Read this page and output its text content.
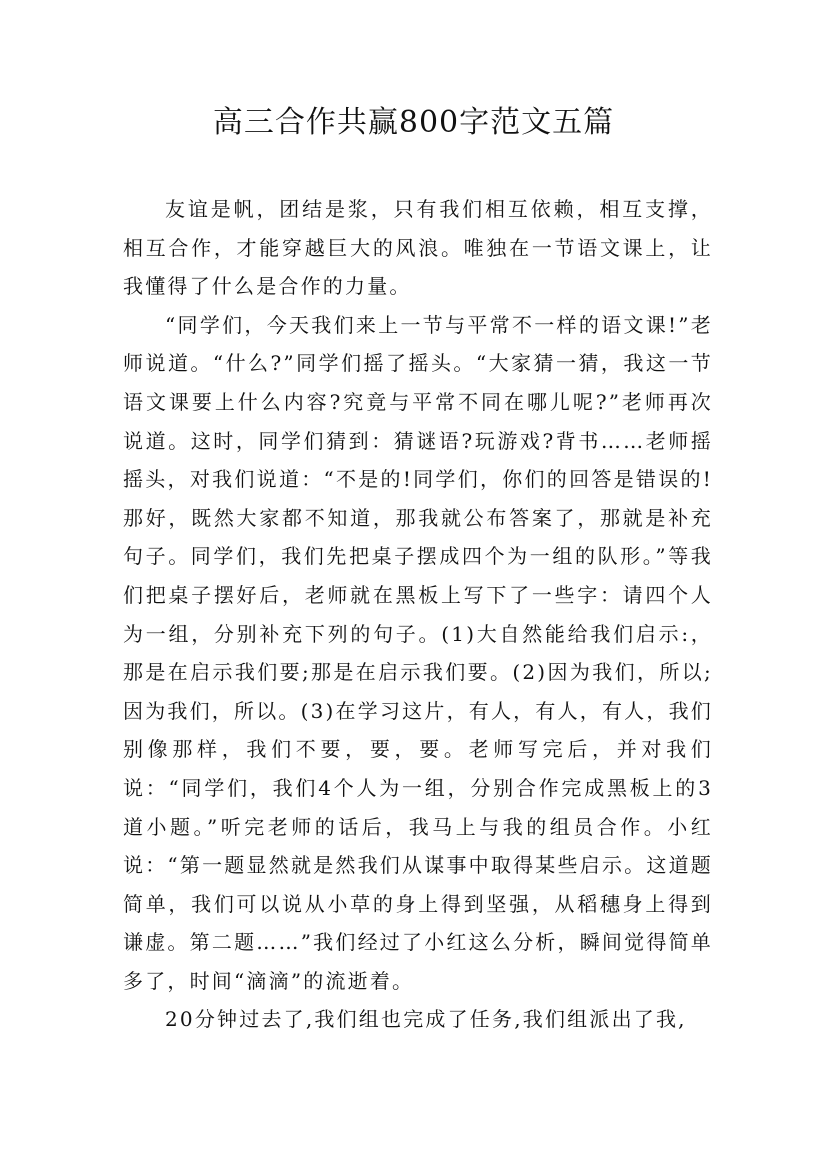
高三合作共赢800字范文五篇

友谊是帆，团结是浆，只有我们相互依赖，相互支撑，相互合作，才能穿越巨大的风浪。唯独在一节语文课上，让我懂得了什么是合作的力量。

“同学们，今天我们来上一节与平常不一样的语文课!”老师说道。“什么?”同学们摇了摇头。“大家猜一猜，我这一节语文课要上什么内容?究竟与平常不同在哪儿呢?”老师再次说道。这时，同学们猜到：猜谜语?玩游戏?背书……老师摇摇头，对我们说道：“不是的!同学们，你们的回答是错误的!那好，既然大家都不知道，那我就公布答案了，那就是补充句子。同学们，我们先把桌子摆成四个为一组的队形。”等我们把桌子摆好后，老师就在黑板上写下了一些字：请四个人为一组，分别补充下列的句子。(1)大自然能给我们启示:，那是在启示我们要;那是在启示我们要。(2)因为我们，所以;因为我们，所以。(3)在学习这片，有人，有人，有人，我们别像那样，我们不要，要，要。老师写完后，并对我们说：“同学们，我们4个人为一组，分别合作完成黑板上的3道小题。”听完老师的话后，我马上与我的组员合作。小红说：“第一题显然就是然我们从谋事中取得某些启示。这道题简单，我们可以说从小草的身上得到坚强，从稻穗身上得到谦虚。第二题……”我们经过了小红这么分析，瞬间觉得简单多了，时间“滴滴”的流逝着。

20分钟过去了,我们组也完成了任务,我们组派出了我,
